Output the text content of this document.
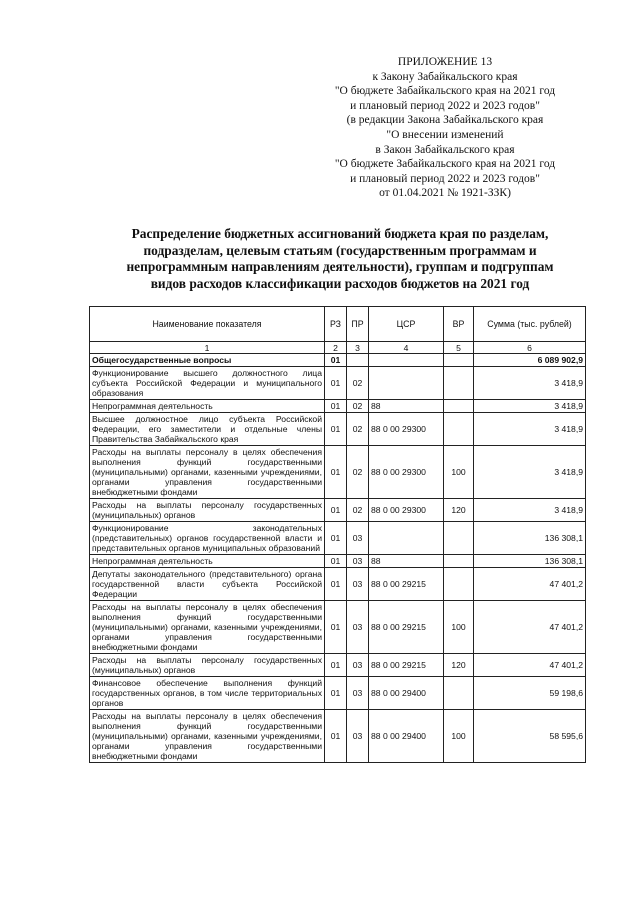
ПРИЛОЖЕНИЕ 13
к Закону Забайкальского края
"О бюджете Забайкальского края на 2021 год
и плановый период 2022 и 2023 годов"
(в редакции Закона Забайкальского края
"О внесении изменений
в Закон Забайкальского края
"О бюджете Забайкальского края на 2021 год
и плановый период 2022 и 2023 годов"
от 01.04.2021 № 1921-ЗЗК)
Распределение бюджетных ассигнований бюджета края по разделам,
подразделам, целевым статьям (государственным программам и
непрограммным направлениям деятельности), группам и подгруппам
видов расходов классификации расходов бюджетов на 2021 год
Наименование показателя	РЗ	ПР	ЦСР	ВР	Сумма (тыс. рублей)
1	2	3	4	5	6
Общегосударственные вопросы	01				6 089 902,9
Функционирование высшего должностного лица субъекта Российской Федерации и муниципального образования	01	02			3 418,9
Непрограммная деятельность	01	02	88		3 418,9
Высшее должностное лицо субъекта Российской Федерации, его заместители и отдельные члены Правительства Забайкальского края	01	02	88 0 00 29300		3 418,9
Расходы на выплаты персоналу в целях обеспечения выполнения функций государственными (муниципальными) органами, казенными учреждениями, органами управления государственными внебюджетными фондами	01	02	88 0 00 29300	100	3 418,9
Расходы на выплаты персоналу государственных (муниципальных) органов	01	02	88 0 00 29300	120	3 418,9
Функционирование законодательных (представительных) органов государственной власти и представительных органов муниципальных образований	01	03			136 308,1
Непрограммная деятельность	01	03	88		136 308,1
Депутаты законодательного (представительного) органа государственной власти субъекта Российской Федерации	01	03	88 0 00 29215		47 401,2
Расходы на выплаты персоналу в целях обеспечения выполнения функций государственными (муниципальными) органами, казенными учреждениями, органами управления государственными внебюджетными фондами	01	03	88 0 00 29215	100	47 401,2
Расходы на выплаты персоналу государственных (муниципальных) органов	01	03	88 0 00 29215	120	47 401,2
Финансовое обеспечение выполнения функций государственных органов, в том числе территориальных органов	01	03	88 0 00 29400		59 198,6
Расходы на выплаты персоналу в целях обеспечения выполнения функций государственными (муниципальными) органами, казенными учреждениями, органами управления государственными внебюджетными фондами	01	03	88 0 00 29400	100	58 595,6
